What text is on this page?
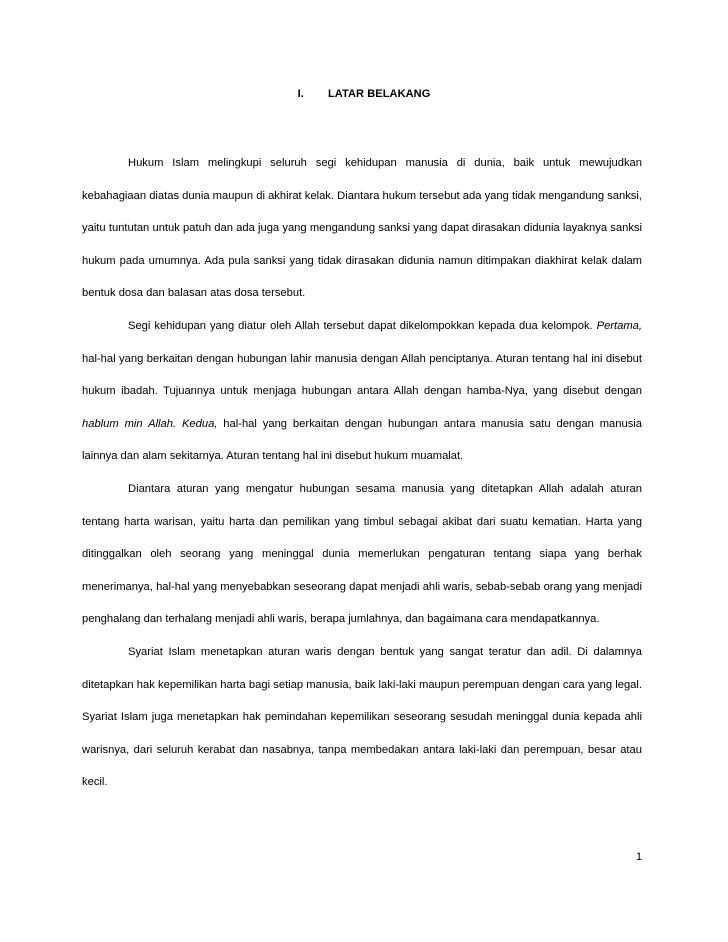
I. LATAR BELAKANG

Hukum Islam melingkupi seluruh segi kehidupan manusia di dunia, baik untuk mewujudkan kebahagiaan diatas dunia maupun di akhirat kelak. Diantara hukum tersebut ada yang tidak mengandung sanksi, yaitu tuntutan untuk patuh dan ada juga yang mengandung sanksi yang dapat dirasakan didunia layaknya sanksi hukum pada umumnya. Ada pula sanksi yang tidak dirasakan didunia namun ditimpakan diakhirat kelak dalam bentuk dosa dan balasan atas dosa tersebut.

Segi kehidupan yang diatur oleh Allah tersebut dapat dikelompokkan kepada dua kelompok. Pertama, hal-hal yang berkaitan dengan hubungan lahir manusia dengan Allah penciptanya. Aturan tentang hal ini disebut hukum ibadah. Tujuannya untuk menjaga hubungan antara Allah dengan hamba-Nya, yang disebut dengan hablum min Allah. Kedua, hal-hal yang berkaitan dengan hubungan antara manusia satu dengan manusia lainnya dan alam sekitarnya. Aturan tentang hal ini disebut hukum muamalat.

Diantara aturan yang mengatur hubungan sesama manusia yang ditetapkan Allah adalah aturan tentang harta warisan, yaitu harta dan pemilikan yang timbul sebagai akibat dari suatu kematian. Harta yang ditinggalkan oleh seorang yang meninggal dunia memerlukan pengaturan tentang siapa yang berhak menerimanya, hal-hal yang menyebabkan seseorang dapat menjadi ahli waris, sebab-sebab orang yang menjadi penghalang dan terhalang menjadi ahli waris, berapa jumlahnya, dan bagaimana cara mendapatkannya.

Syariat Islam menetapkan aturan waris dengan bentuk yang sangat teratur dan adil. Di dalamnya ditetapkan hak kepemilikan harta bagi setiap manusia, baik laki-laki maupun perempuan dengan cara yang legal. Syariat Islam juga menetapkan hak pemindahan kepemilikan seseorang sesudah meninggal dunia kepada ahli warisnya, dari seluruh kerabat dan nasabnya, tanpa membedakan antara laki-laki dan perempuan, besar atau kecil.

1
